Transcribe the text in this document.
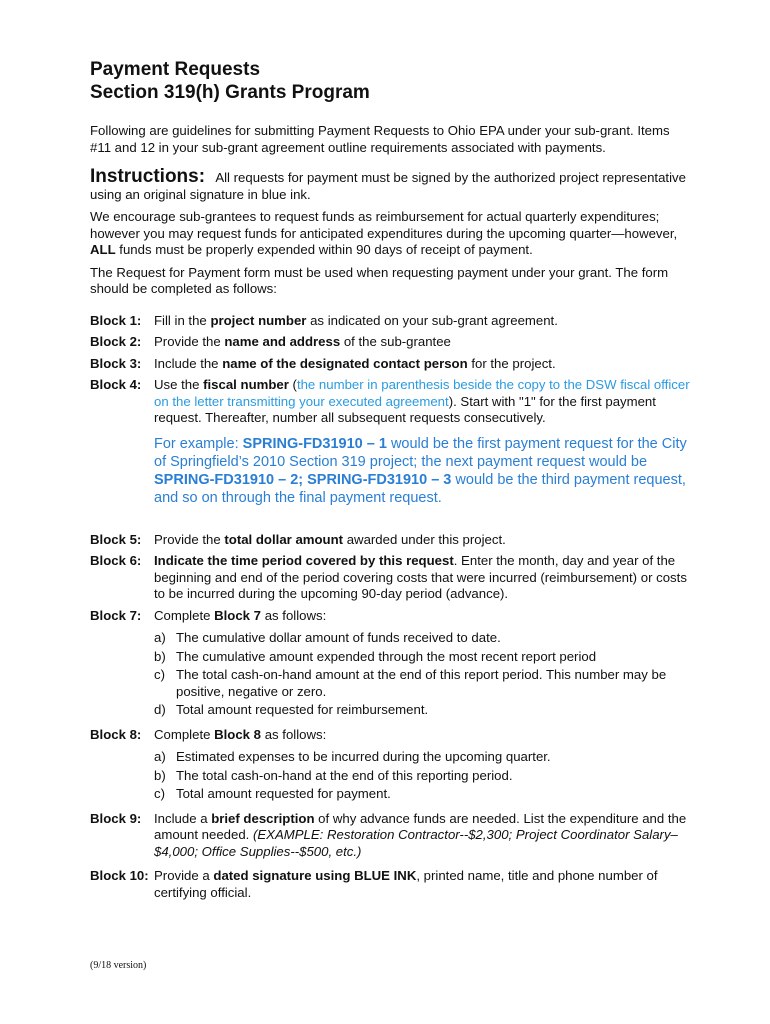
Payment Requests
Section 319(h) Grants Program
Following are guidelines for submitting Payment Requests to Ohio EPA under your sub-grant. Items #11 and 12 in your sub-grant agreement outline requirements associated with payments.
Instructions: All requests for payment must be signed by the authorized project representative using an original signature in blue ink.
We encourage sub-grantees to request funds as reimbursement for actual quarterly expenditures; however you may request funds for anticipated expenditures during the upcoming quarter—however, ALL funds must be properly expended within 90 days of receipt of payment.
The Request for Payment form must be used when requesting payment under your grant. The form should be completed as follows:
Block 1: Fill in the project number as indicated on your sub-grant agreement.
Block 2: Provide the name and address of the sub-grantee
Block 3: Include the name of the designated contact person for the project.
Block 4: Use the fiscal number (the number in parenthesis beside the copy to the DSW fiscal officer on the letter transmitting your executed agreement). Start with "1" for the first payment request. Thereafter, number all subsequent requests consecutively.
For example: SPRING-FD31910 – 1 would be the first payment request for the City of Springfield’s 2010 Section 319 project; the next payment request would be SPRING-FD31910 – 2; SPRING-FD31910 – 3 would be the third payment request, and so on through the final payment request.
Block 5: Provide the total dollar amount awarded under this project.
Block 6: Indicate the time period covered by this request. Enter the month, day and year of the beginning and end of the period covering costs that were incurred (reimbursement) or costs to be incurred during the upcoming 90-day period (advance).
Block 7: Complete Block 7 as follows:
a) The cumulative dollar amount of funds received to date.
b) The cumulative amount expended through the most recent report period
c) The total cash-on-hand amount at the end of this report period. This number may be positive, negative or zero.
d) Total amount requested for reimbursement.
Block 8: Complete Block 8 as follows:
a) Estimated expenses to be incurred during the upcoming quarter.
b) The total cash-on-hand at the end of this reporting period.
c) Total amount requested for payment.
Block 9: Include a brief description of why advance funds are needed. List the expenditure and the amount needed. (EXAMPLE: Restoration Contractor--$2,300; Project Coordinator Salary–$4,000; Office Supplies--$500, etc.)
Block 10: Provide a dated signature using BLUE INK, printed name, title and phone number of certifying official.
(9/18 version)
